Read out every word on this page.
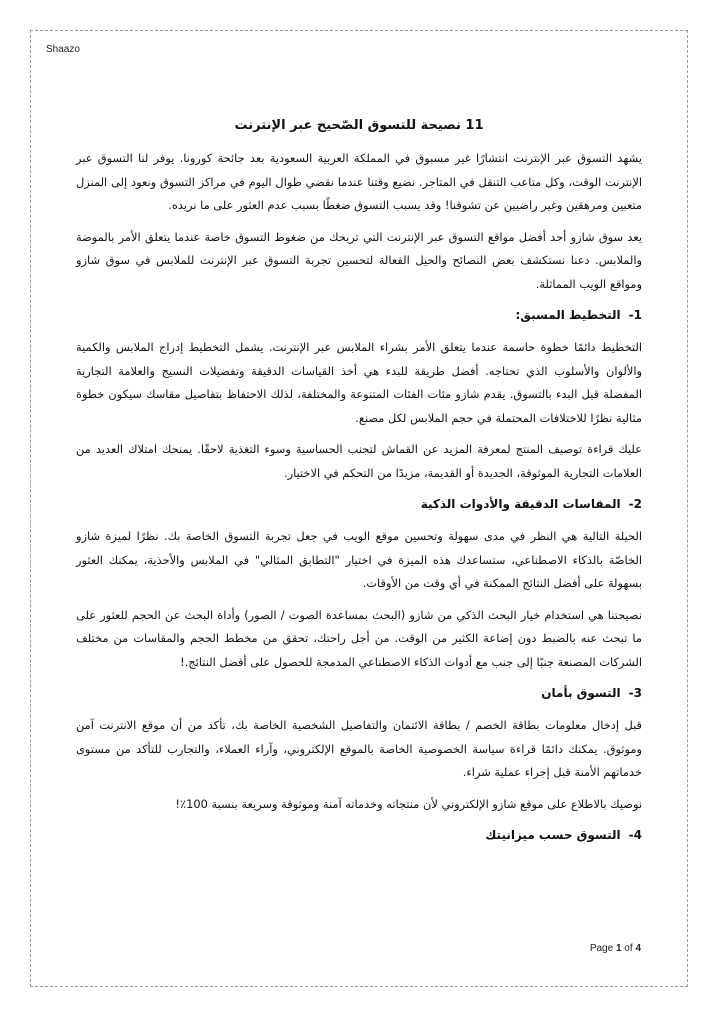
Shaazo
11 نصيحة للتسوق الصّحيح عبر الإنترنت

يشهد التسوق عبر الإنترنت انتشارًا غير مسبوق في المملكة العربية السعودية بعد جائحة كورونا. يوفر لنا التسوق عبر الإنترنت الوقت، وكل متاعب التنقل في المتاجر. نضيع وقتنا عندما نقضي طوال اليوم في مراكز التسوق ونعود إلى المنزل متعبين ومرهقين وغير راضيين عن تشوقنا! وقد يسبب التسوق ضغطًا بسبب عدم العثور على ما نريده.

يعد سوق شازو أحد أفضل مواقع التسوق عبر الإنترنت التي تريحك من ضغوط التسوق خاصة عندما يتعلق الأمر بالموضة والملابس. دعنا نستكشف بعض النصائح والحيل الفعالة لتحسين تجربة التسوق عبر الإنترنت للملابس في سوق شازو ومواقع الويب المماثلة.

1-التخطيط المسبق:

التخطيط دائمًا خطوة حاسمة عندما يتعلق الأمر بشراء الملابس عبر الإنترنت. يشمل التخطيط إدراج الملابس والكمية والألوان والأسلوب الذي تحتاجه. أفضل طريقة للبدء هي أخذ القياسات الدقيقة وتفضيلات النسيج والعلامة التجارية المفضلة قبل البدء بالتسوق. يقدم شازو مئات الفئات المتنوعة والمختلفة، لذلك الاحتفاظ بتفاصيل مقاسك سيكون خطوة مثالية نظرًا للاختلافات المحتملة في حجم الملابس لكل مصنع.

عليك قراءة توصيف المنتج لمعرفة المزيد عن القماش لتجنب الحساسية وسوء التغذية لاحقًا. يمنحك امتلاك العديد من العلامات التجارية الموثوقة، الجديدة أو القديمة، مزيدًا من التحكم في الاختيار.

2-المقاسات الدقيقة والأدوات الذكية

الحيلة التالية هي النظر في مدى سهولة وتحسين موقع الويب في جعل تجربة التسوق الخاصة بك. نظرًا لميزة شازو الخاصّة بالذكاء الاصطناعي، ستساعدك هذه الميزة في اختيار "التطابق المثالي" في الملابس والأحذية، يمكنك العثور بسهولة على أفضل النتائج الممكنة في أي وقت من الأوقات.

نصيحتنا هي استخدام خيار البحث الذكي من شازو (البحث بمساعدة الصوت / الصور) وأداة البحث عن الحجم للعثور على ما تبحث عنه بالضبط دون إضاعة الكثير من الوقت. من أجل راحتك، تحقق من مخطط الحجم والمقاسات من مختلف الشركات المصنعة جنبًا إلى جنب مع أدوات الذكاء الاصطناعي المدمجة للحصول على أفضل النتائج.!

3-التسوق بأمان

قبل إدخال معلومات بطاقة الخصم / بطاقة الائتمان والتفاصيل الشخصية الخاصة بك، تأكد من أن موقع الانترنت آمن وموثوق. يمكنك دائمًا قراءة سياسة الخصوصية الخاصة بالموقع الإلكتروني، وآراء العملاء، والتجارب للتأكد من مستوى خدماتهم الأمنة قبل إجراء عملية شراء.

نوصيك بالاطلاع على موقع شازو الإلكتروني لأن منتجاته وخدماته آمنة وموثوقة وسريعة بنسبة 100٪!

4-التسوق حسب ميزانيتك
Page 1 of 4
